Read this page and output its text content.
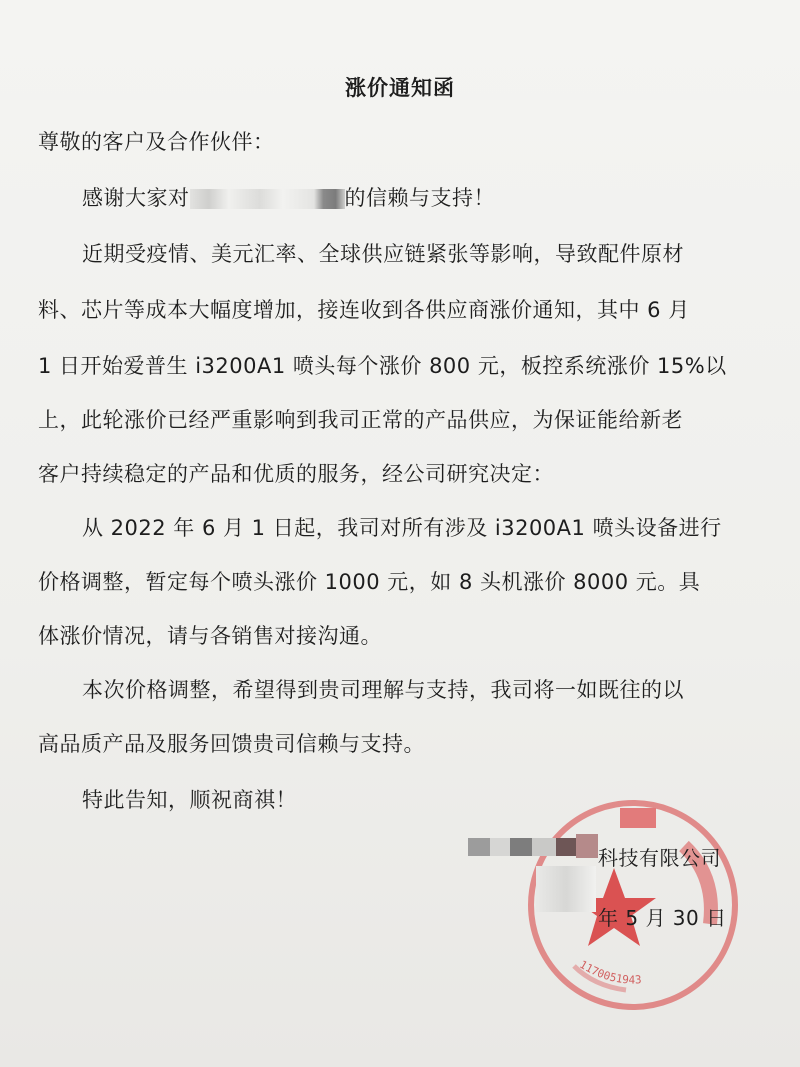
涨价通知函
尊敬的客户及合作伙伴：
感谢大家对	的信赖与支持！
近期受疫情、美元汇率、全球供应链紧张等影响，导致配件原材
料、芯片等成本大幅度增加，接连收到各供应商涨价通知，其中 6 月
1 日开始爱普生 i3200A1 喷头每个涨价 800 元，板控系统涨价 15%以
上，此轮涨价已经严重影响到我司正常的产品供应，为保证能给新老
客户持续稳定的产品和优质的服务，经公司研究决定：
从 2022 年 6 月 1 日起，我司对所有涉及 i3200A1 喷头设备进行
价格调整，暂定每个喷头涨价 1000 元，如 8 头机涨价 8000 元。具
体涨价情况，请与各销售对接沟通。
本次价格调整，希望得到贵司理解与支持，我司将一如既往的以
高品质产品及服务回馈贵司信赖与支持。
特此告知，顺祝商祺！
1170051943
科技有限公司
年 5 月 30 日
